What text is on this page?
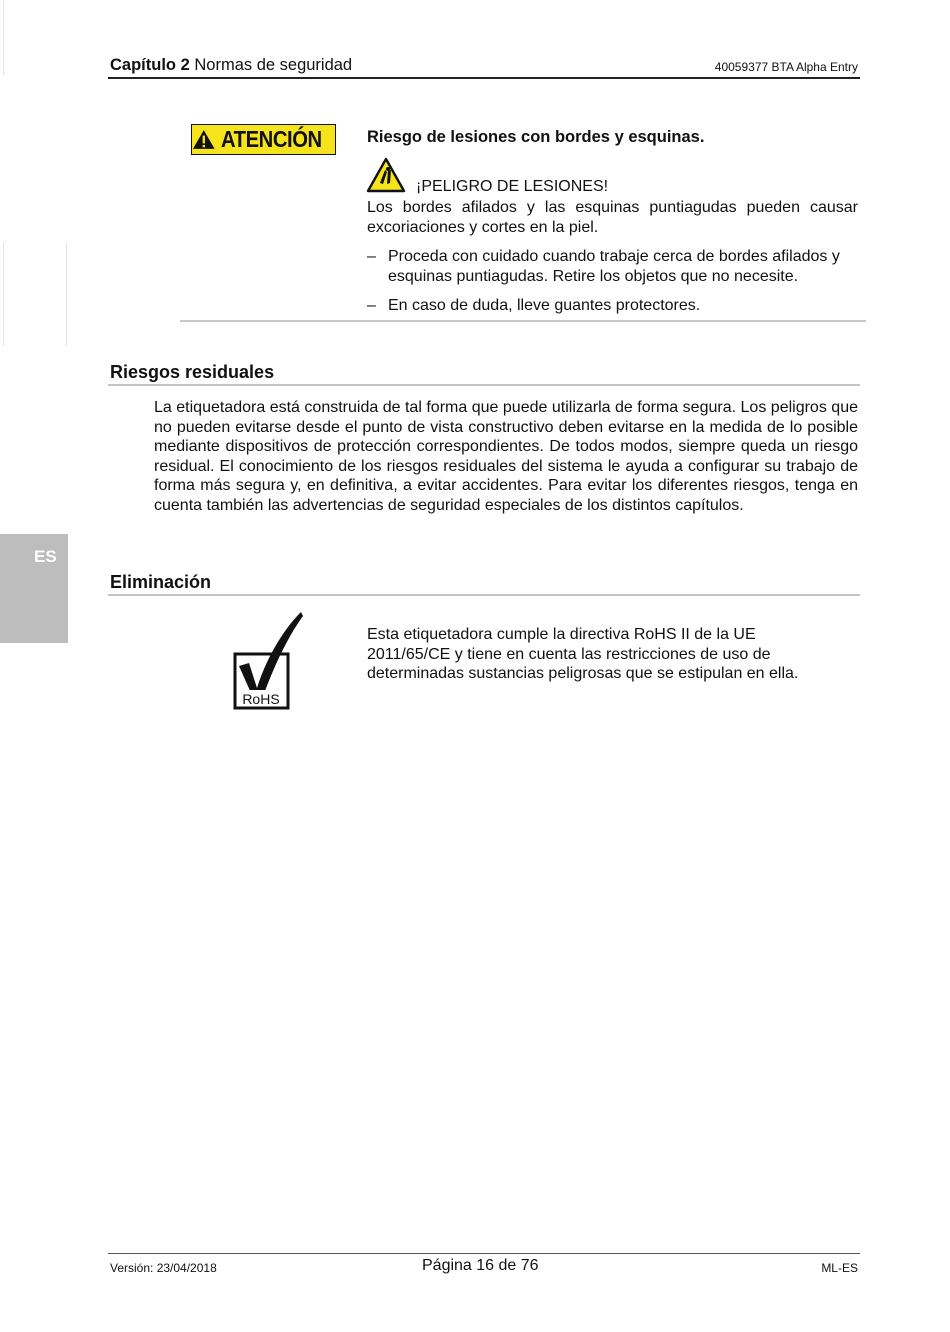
Capítulo 2 Normas de seguridad	40059377 BTA Alpha Entry
ATENCIÓN	Riesgo de lesiones con bordes y esquinas.
¡PELIGRO DE LESIONES!
Los bordes afilados y las esquinas puntiagudas pueden causar excoriaciones y cortes en la piel.
– Proceda con cuidado cuando trabaje cerca de bordes afilados y esquinas puntiagudas. Retire los objetos que no necesite.
– En caso de duda, lleve guantes protectores.
Riesgos residuales
La etiquetadora está construida de tal forma que puede utilizarla de forma segura. Los peligros que no pueden evitarse desde el punto de vista constructivo deben evitarse en la medida de lo posible mediante dispositivos de protección correspondientes. De todos modos, siempre queda un riesgo residual. El conocimiento de los riesgos residuales del sistema le ayuda a configurar su trabajo de forma más segura y, en definitiva, a evitar accidentes. Para evitar los diferentes riesgos, tenga en cuenta también las advertencias de seguridad especiales de los distintos capítulos.
ES
Eliminación
RoHS
Esta etiquetadora cumple la directiva RoHS II de la UE 2011/65/CE y tiene en cuenta las restricciones de uso de determinadas sustancias peligrosas que se estipulan en ella.
Versión: 23/04/2018	Página 16 de 76	ML-ES
